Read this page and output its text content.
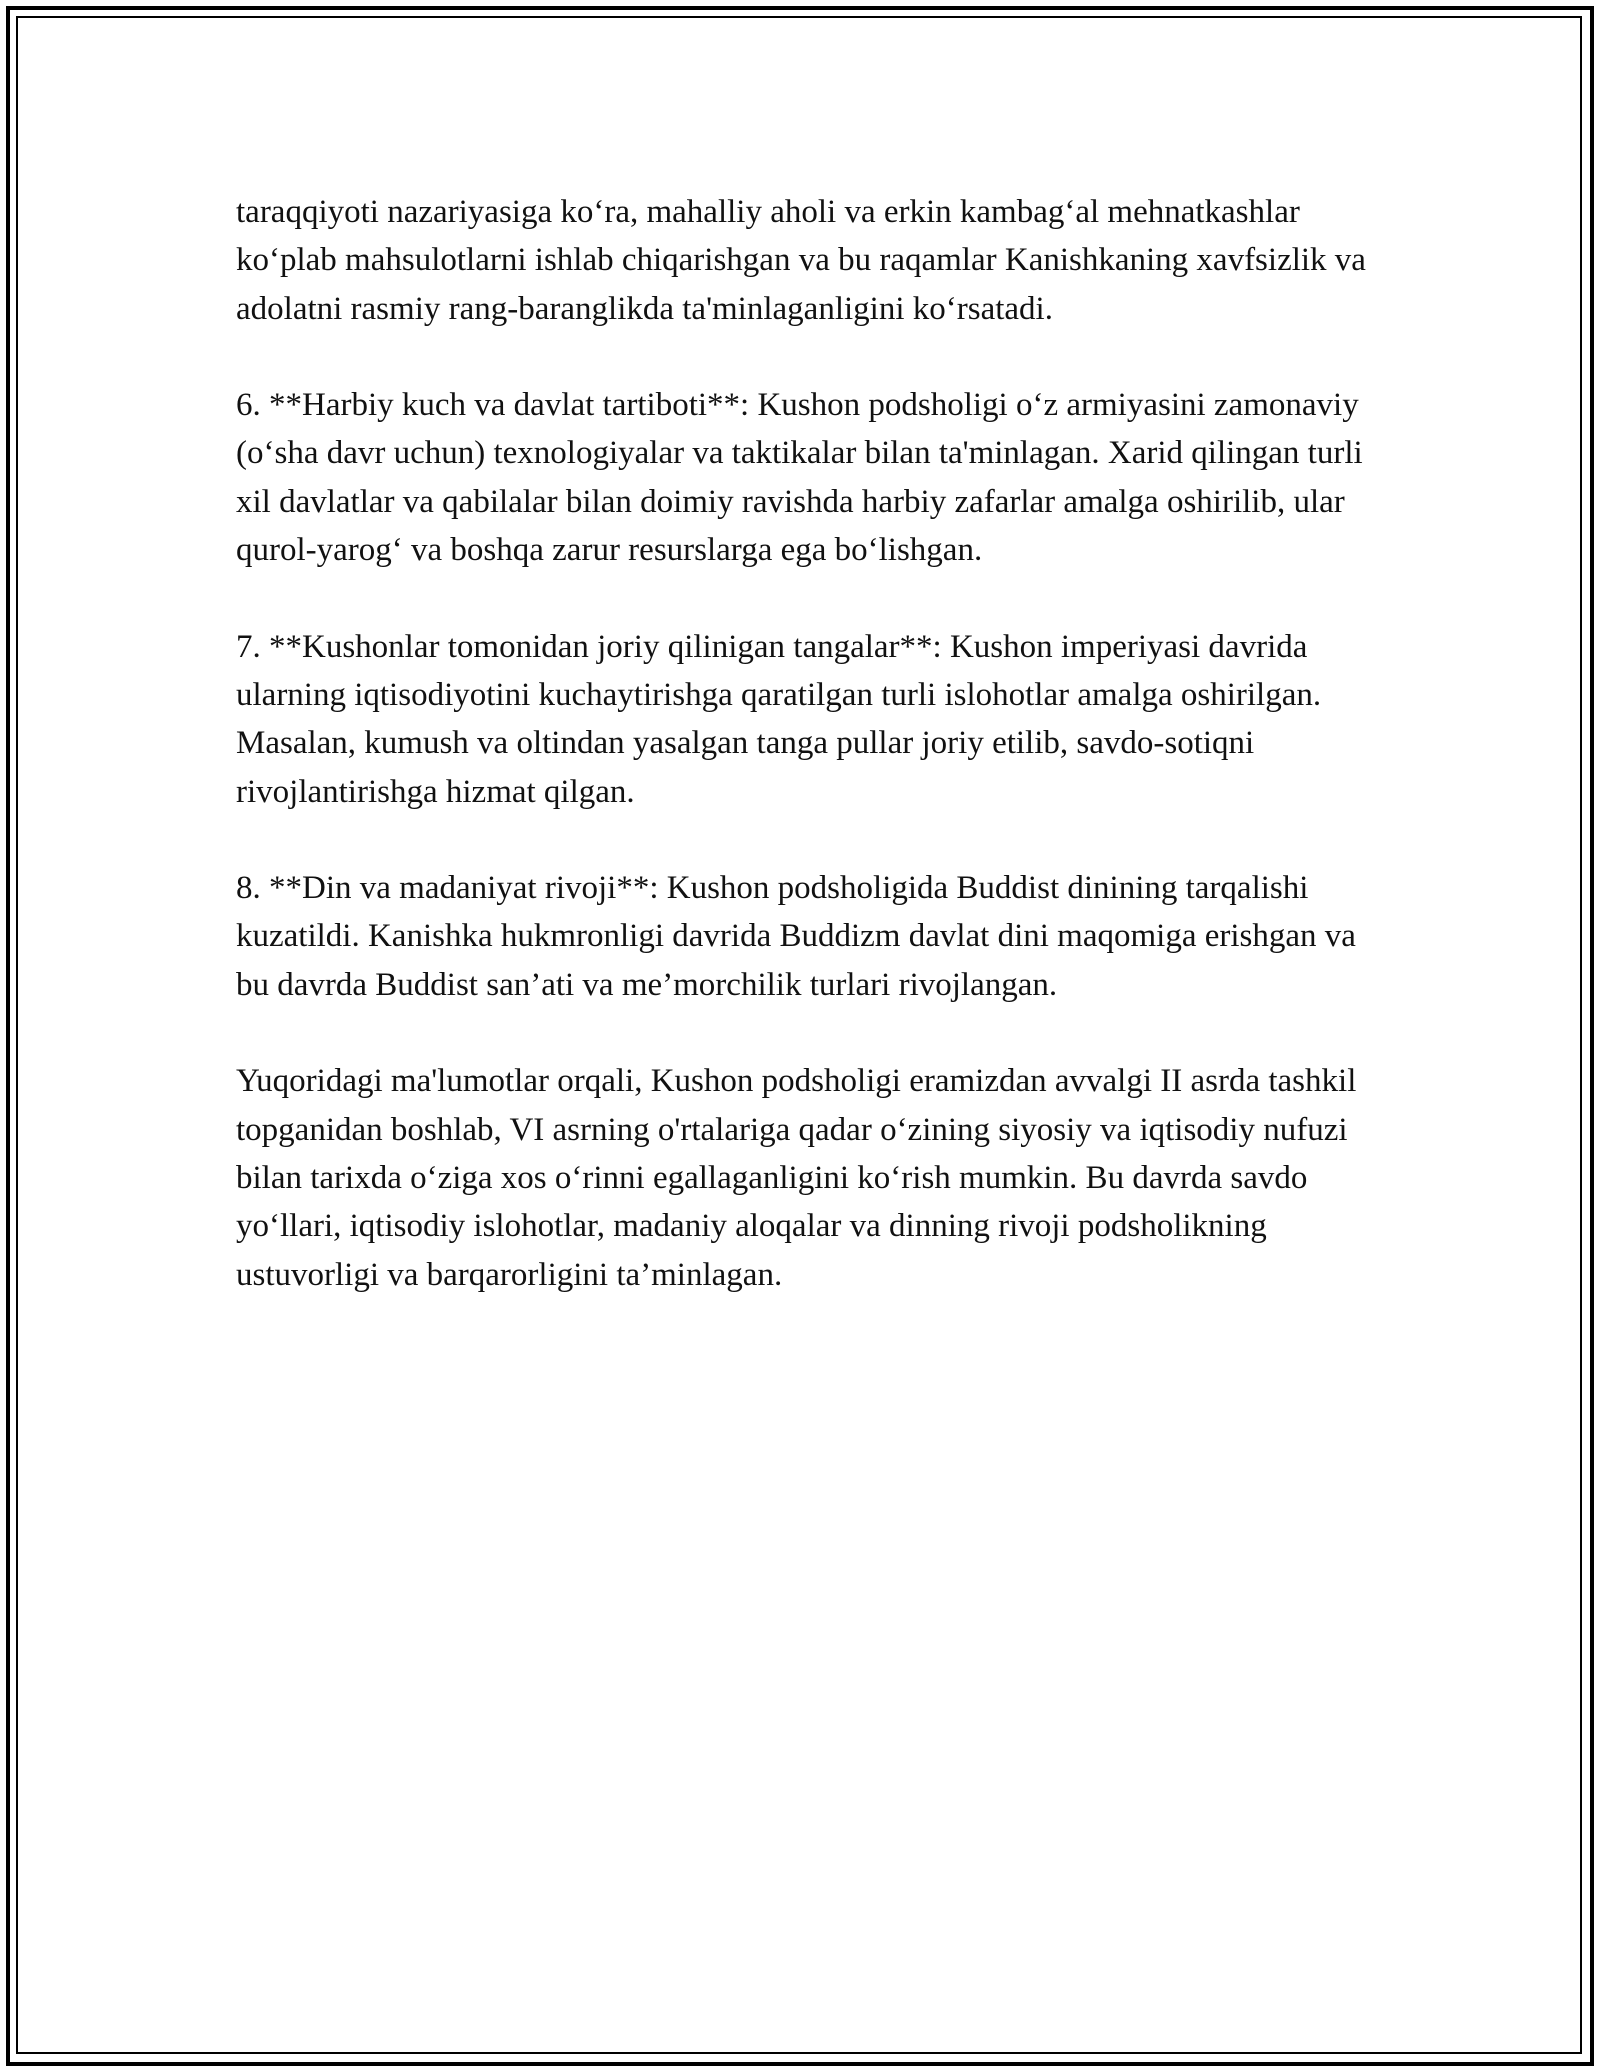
taraqqiyoti nazariyasiga ko‘ra, mahalliy aholi va erkin kambag‘al mehnatkashlar ko‘plab mahsulotlarni ishlab chiqarishgan va bu raqamlar Kanishkaning xavfsizlik va adolatni rasmiy rang-baranglikda ta'minlaganligini ko‘rsatadi.

6. **Harbiy kuch va davlat tartiboti**: Kushon podsholigi o‘z armiyasini zamonaviy (o‘sha davr uchun) texnologiyalar va taktikalar bilan ta'minlagan. Xarid qilingan turli xil davlatlar va qabilalar bilan doimiy ravishda harbiy zafarlar amalga oshirilib, ular qurol-yarog‘ va boshqa zarur resurslarga ega bo‘lishgan.

7. **Kushonlar tomonidan joriy qilinigan tangalar**: Kushon imperiyasi davrida ularning iqtisodiyotini kuchaytirishga qaratilgan turli islohotlar amalga oshirilgan. Masalan, kumush va oltindan yasalgan tanga pullar joriy etilib, savdo-sotiqni rivojlantirishga hizmat qilgan.

8. **Din va madaniyat rivoji**: Kushon podsholigida Buddist dinining tarqalishi kuzatildi. Kanishka hukmronligi davrida Buddizm davlat dini maqomiga erishgan va bu davrda Buddist san’ati va me’morchilik turlari rivojlangan.

Yuqoridagi ma'lumotlar orqali, Kushon podsholigi eramizdan avvalgi II asrda tashkil topganidan boshlab, VI asrning o'rtalariga qadar o‘zining siyosiy va iqtisodiy nufuzi bilan tarixda o‘ziga xos o‘rinni egallaganligini ko‘rish mumkin. Bu davrda savdo yo‘llari, iqtisodiy islohotlar, madaniy aloqalar va dinning rivoji podsholikning ustuvorligi va barqarorligini ta’minlagan.
